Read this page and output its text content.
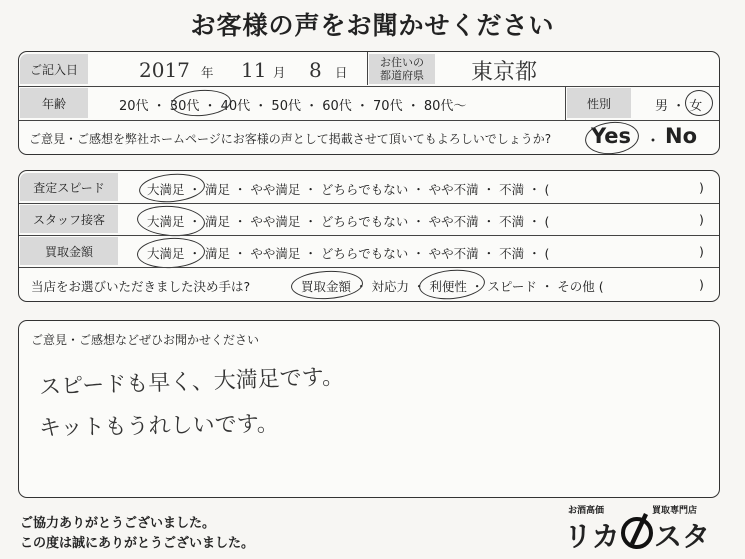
お客様の声をお聞かせください
ご記入日	2017 年 11 月 8 日
お住いの
都道府県 東京都
年齢	20代 ・ 30代 ・ 40代 ・ 50代 ・ 60代 ・ 70代 ・ 80代〜	性別	男 ・ 女
ご意見・ご感想を弊社ホームページにお客様の声として掲載させて頂いてもよろしいでしょうか? Yes ・ No
査定スピード	大満足 ・ 満足 ・ やや満足 ・ どちらでもない ・ やや不満 ・ 不満 ・ (	)
スタッフ接客	大満足 ・ 満足 ・ やや満足 ・ どちらでもない ・ やや不満 ・ 不満 ・ (	)
買取金額	大満足 ・ 満足 ・ やや満足 ・ どちらでもない ・ やや不満 ・ 不満 ・ (	)
当店をお選びいただきました決め手は?	買取金額 ・ 対応力 ・ 利便性 ・ スピード ・ その他 (	)
ご意見・ご感想などぜひお聞かせください
スピードも早く、大満足です。
キットもうれしいです。
ご協力ありがとうございました。
この度は誠にありがとうございました。
お酒高価	買取専門店
リカ スタ
